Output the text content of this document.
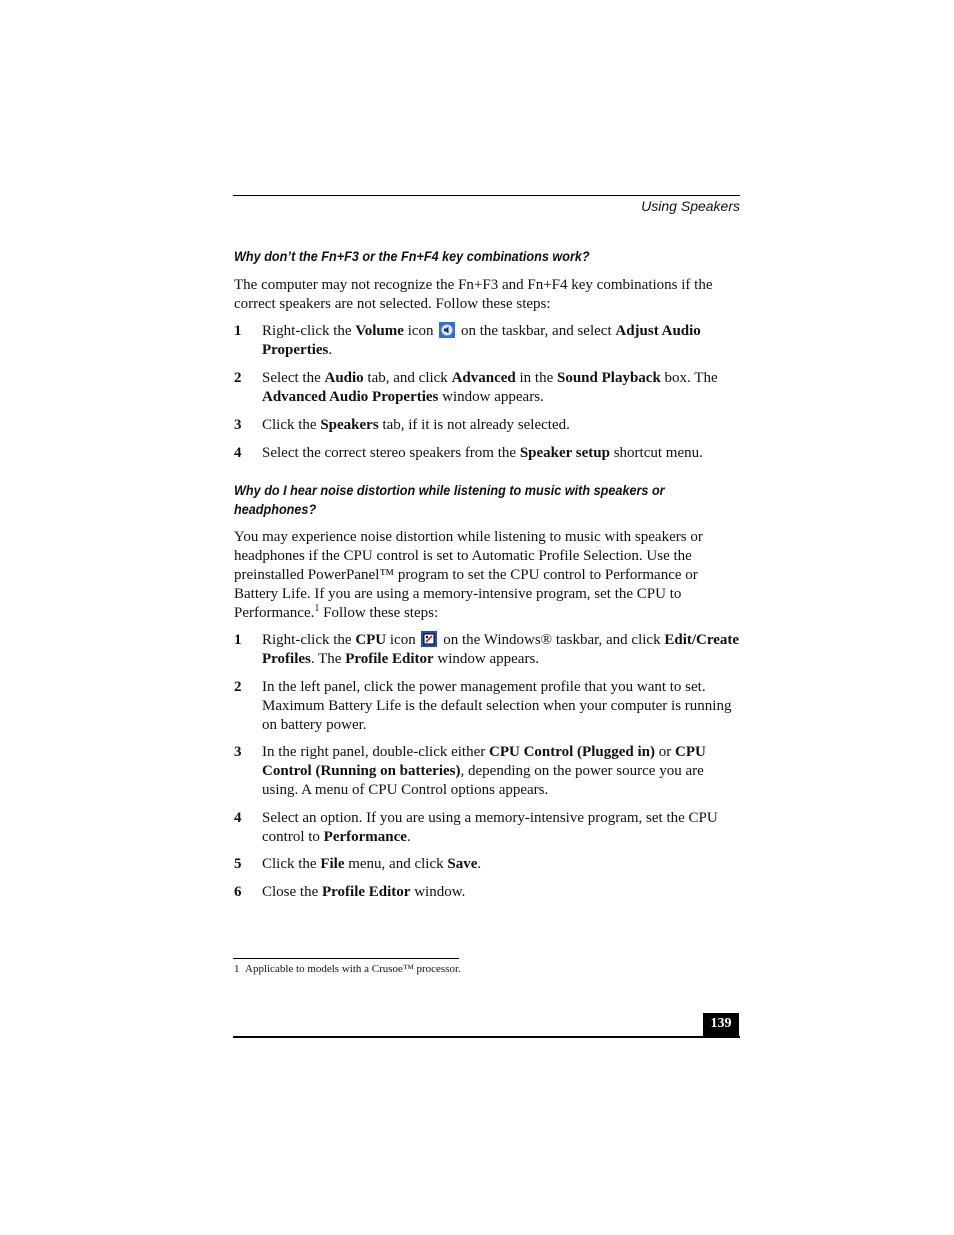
Using Speakers
Why don’t the Fn+F3 or the Fn+F4 key combinations work?
The computer may not recognize the Fn+F3 and Fn+F4 key combinations if the correct speakers are not selected. Follow these steps:
1 Right-click the Volume icon  on the taskbar, and select Adjust Audio Properties.
2 Select the Audio tab, and click Advanced in the Sound Playback box. The Advanced Audio Properties window appears.
3 Click the Speakers tab, if it is not already selected.
4 Select the correct stereo speakers from the Speaker setup shortcut menu.
Why do I hear noise distortion while listening to music with speakers or headphones?
You may experience noise distortion while listening to music with speakers or headphones if the CPU control is set to Automatic Profile Selection. Use the preinstalled PowerPanel™ program to set the CPU control to Performance or Battery Life. If you are using a memory-intensive program, set the CPU to Performance.$^1$ Follow these steps:
1 Right-click the CPU icon  on the Windows® taskbar, and click Edit/Create Profiles. The Profile Editor window appears.
2 In the left panel, click the power management profile that you want to set. Maximum Battery Life is the default selection when your computer is running on battery power.
3 In the right panel, double-click either CPU Control (Plugged in) or CPU Control (Running on batteries), depending on the power source you are using. A menu of CPU Control options appears.
4 Select an option. If you are using a memory-intensive program, set the CPU control to Performance.
5 Click the File menu, and click Save.
6 Close the Profile Editor window.
1 Applicable to models with a Crusoe™ processor.
139
